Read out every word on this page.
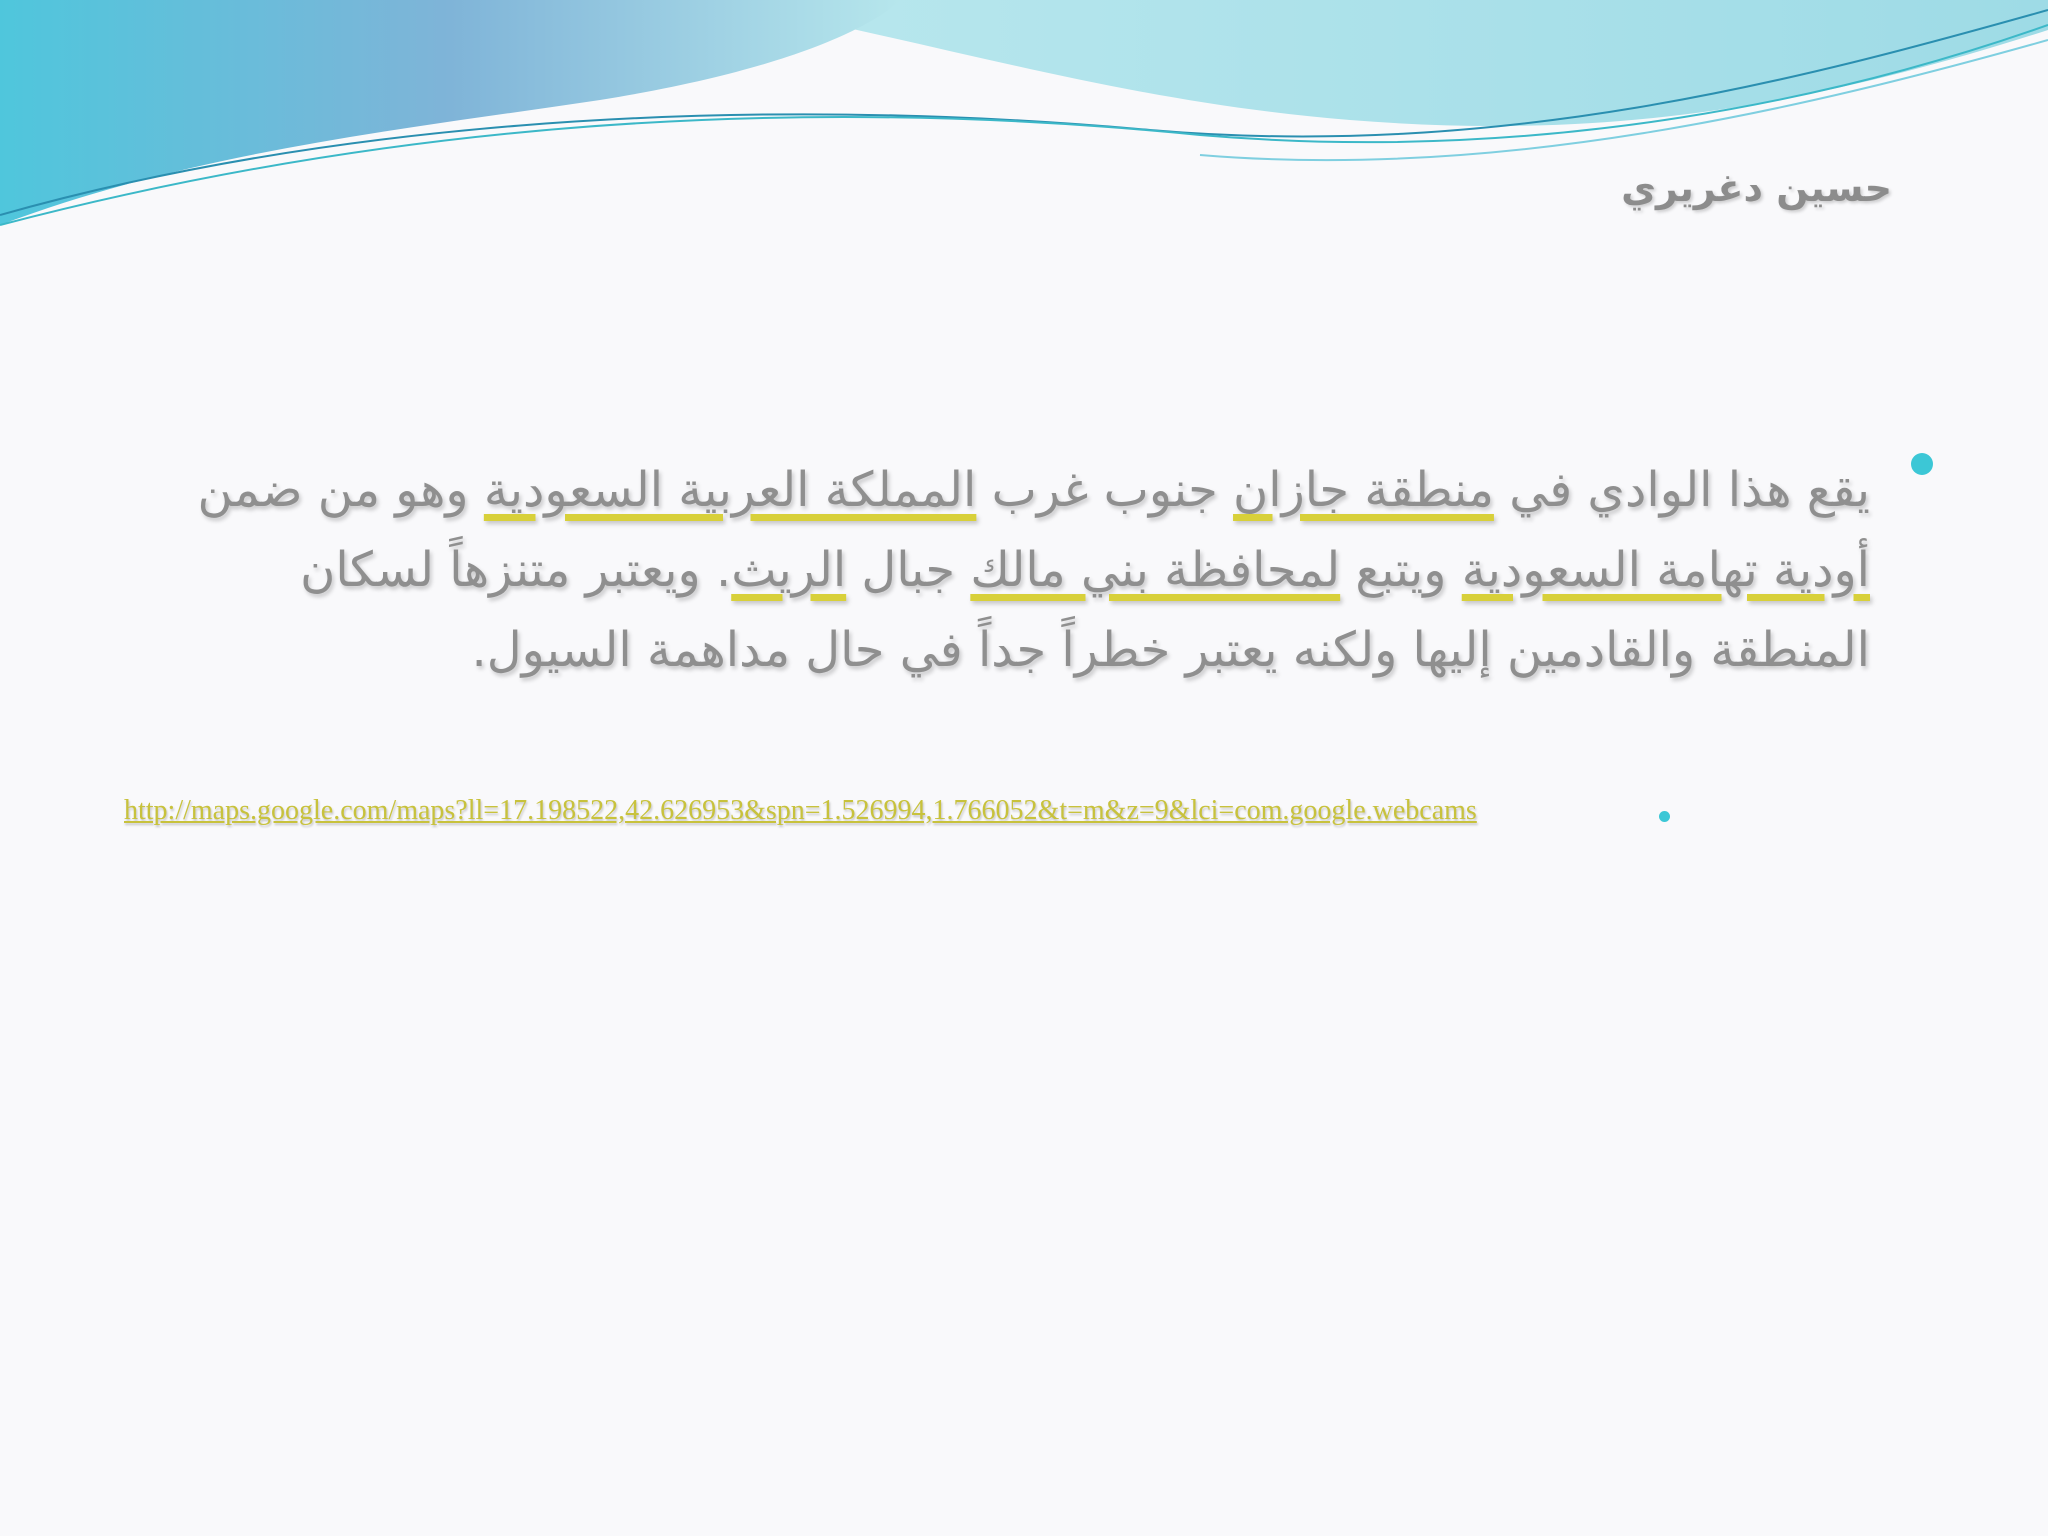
حسين دغريري
يقع هذا الوادي في منطقة جازان جنوب غرب المملكة العربية السعودية وهو من ضمن أودية تهامة السعودية ويتبع لمحافظة بني مالك جبال الريث. ويعتبر متنزهاً لسكان المنطقة والقادمين إليها ولكنه يعتبر خطراً جداً في حال مداهمة السيول.
http://maps.google.com/maps?ll=17.198522,42.626953&spn=1.526994,1.766052&t=m&z=9&lci=com.google.webcams
